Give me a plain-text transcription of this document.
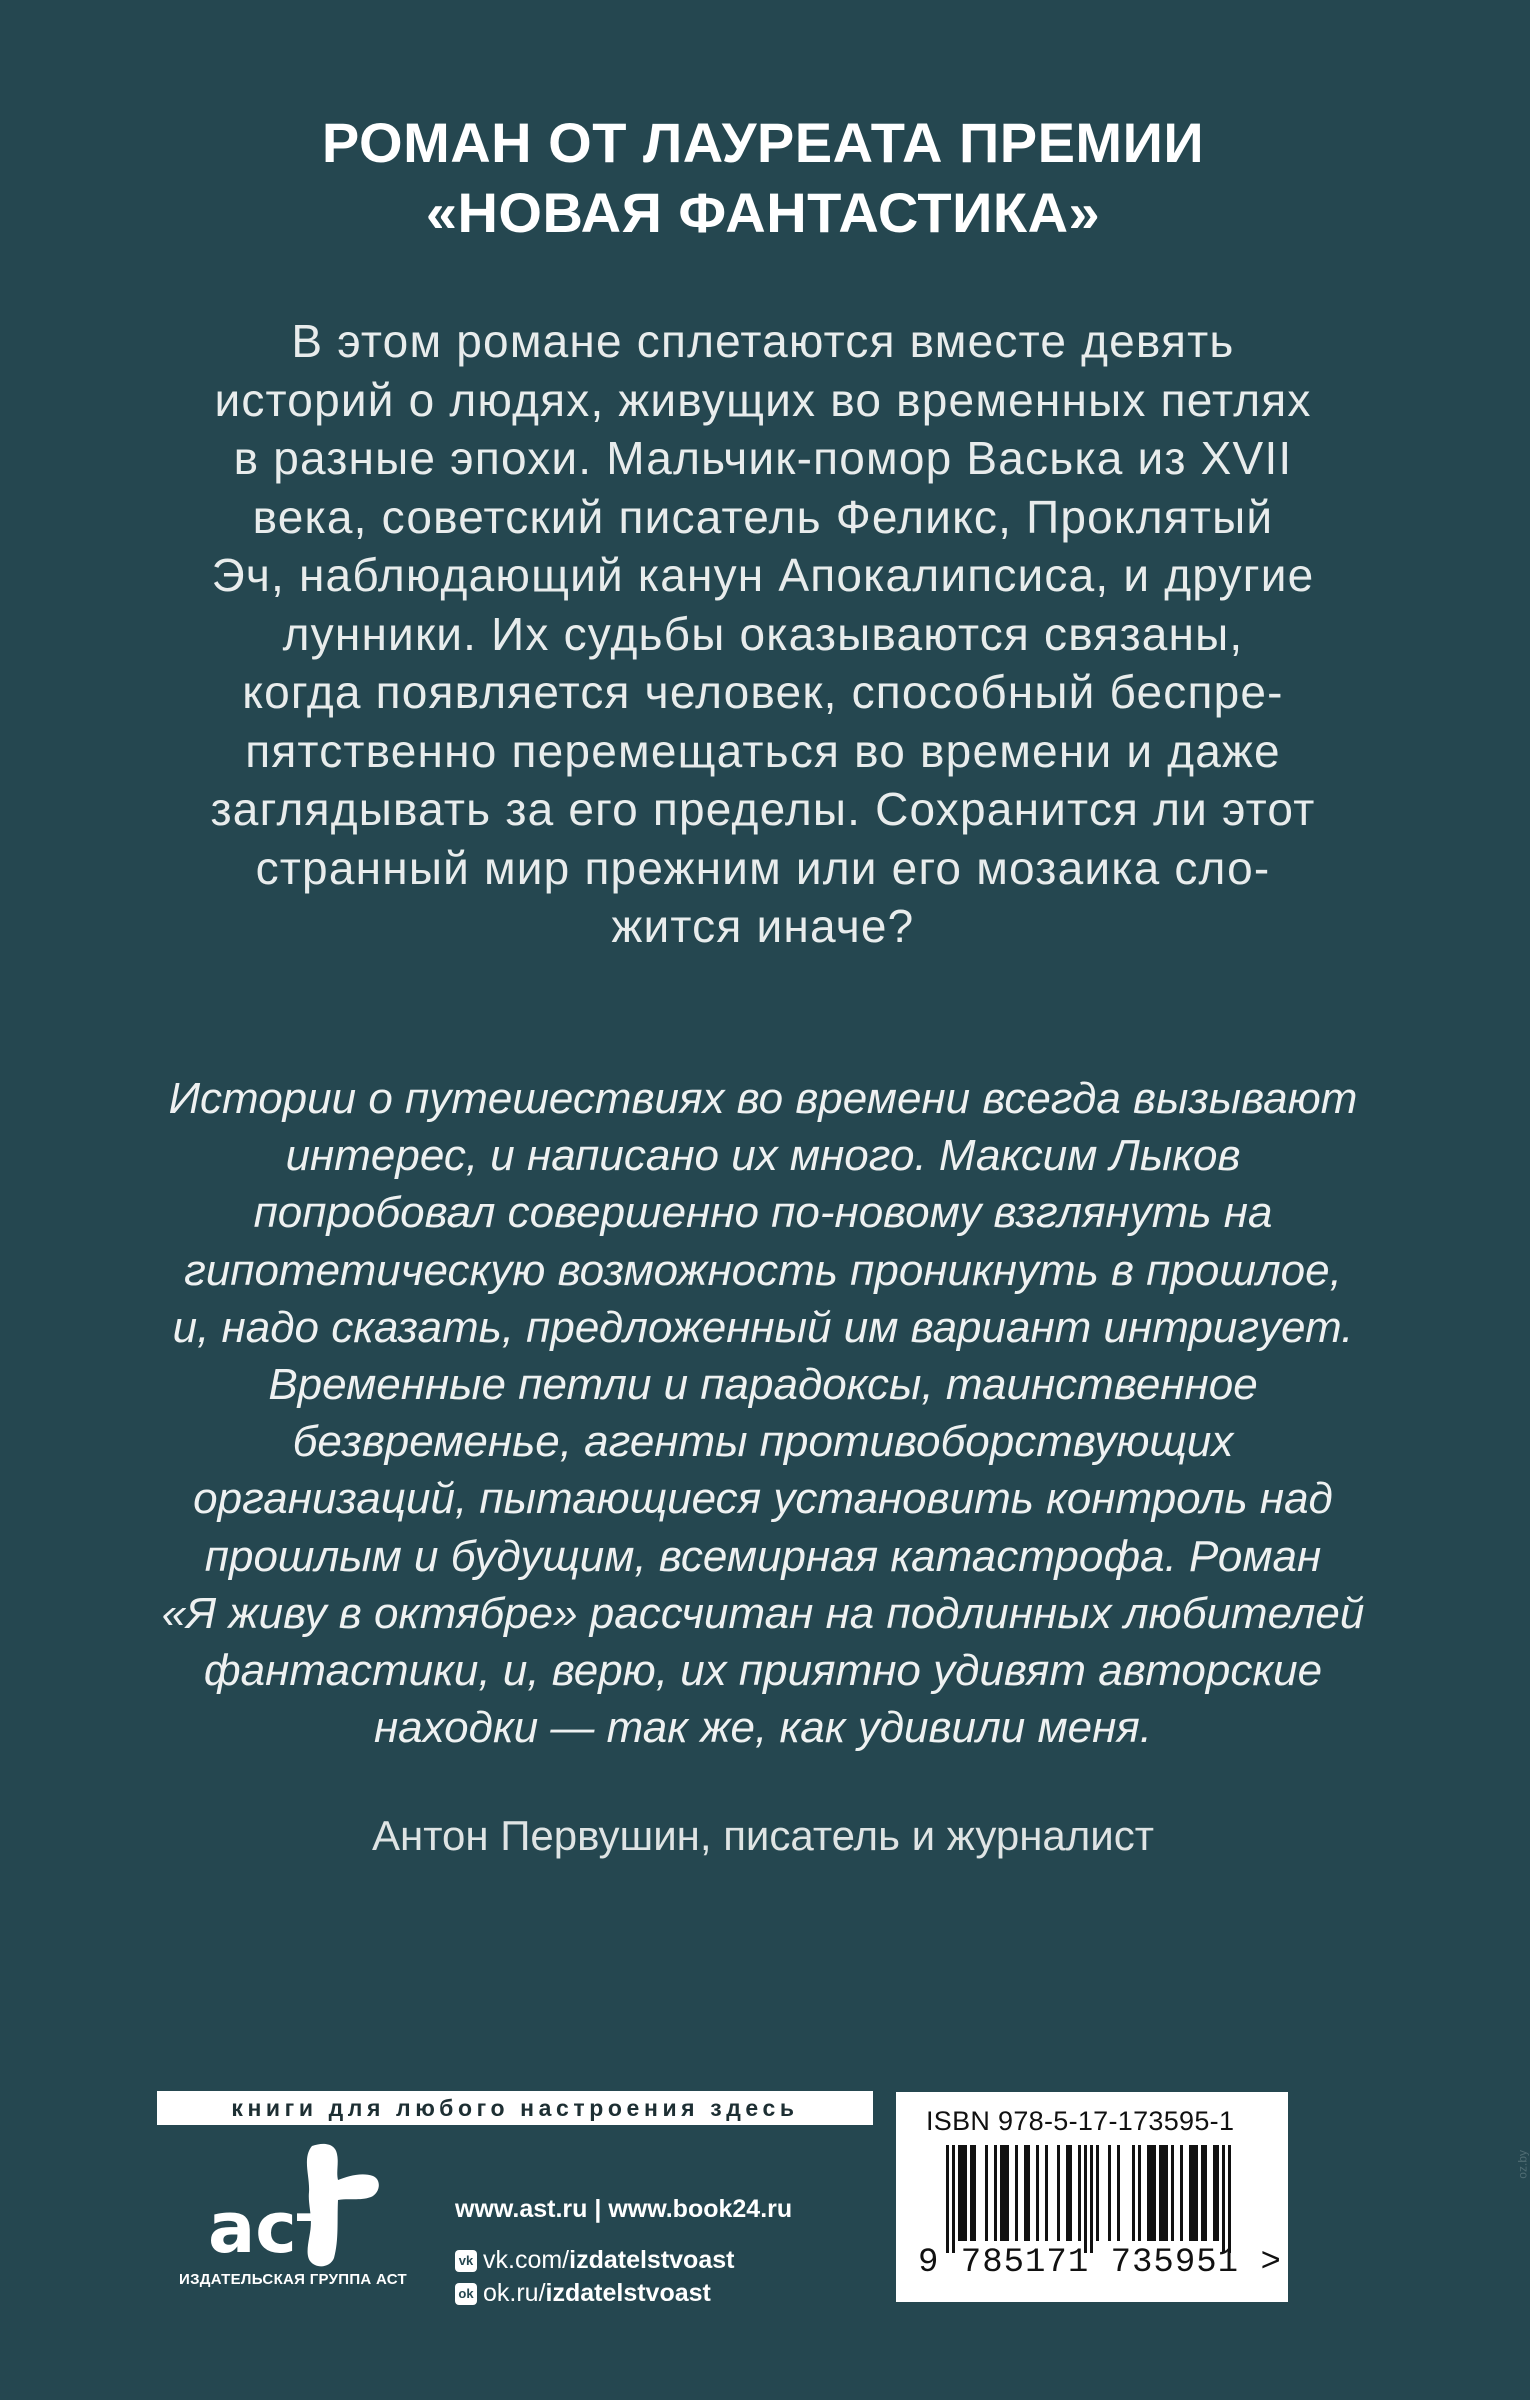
РОМАН ОТ ЛАУРЕАТА ПРЕМИИ
«НОВАЯ ФАНТАСТИКА»
В этом романе сплетаются вместе девять
историй о людях, живущих во временных петлях
в разные эпохи. Мальчик-помор Васька из XVII
века, советский писатель Феликс, Проклятый
Эч, наблюдающий канун Апокалипсиса, и другие
лунники. Их судьбы оказываются связаны,
когда появляется человек, способный беспре-
пятственно перемещаться во времени и даже
заглядывать за его пределы. Сохранится ли этот
странный мир прежним или его мозаика сло-
жится иначе?
Истории о путешествиях во времени всегда вызывают
интерес, и написано их много. Максим Лыков
попробовал совершенно по-новому взглянуть на
гипотетическую возможность проникнуть в прошлое,
и, надо сказать, предложенный им вариант интригует.
Временные петли и парадоксы, таинственное
безвременье, агенты противоборствующих
организаций, пытающиеся установить контроль над
прошлым и будущим, всемирная катастрофа. Роман
«Я живу в октябре» рассчитан на подлинных любителей
фантастики, и, верю, их приятно удивят авторские
находки — так же, как удивили меня.
Антон Первушин, писатель и журналист
книги для любого настроения здесь
аст
ИЗДАТЕЛЬСКАЯ ГРУППА АСТ
www.ast.ru | www.book24.ru
vk vk.com/izdatelstvoast
ok ok.ru/izdatelstvoast
ISBN 978-5-17-173595-1
9 785171 735951 >
oz.by
